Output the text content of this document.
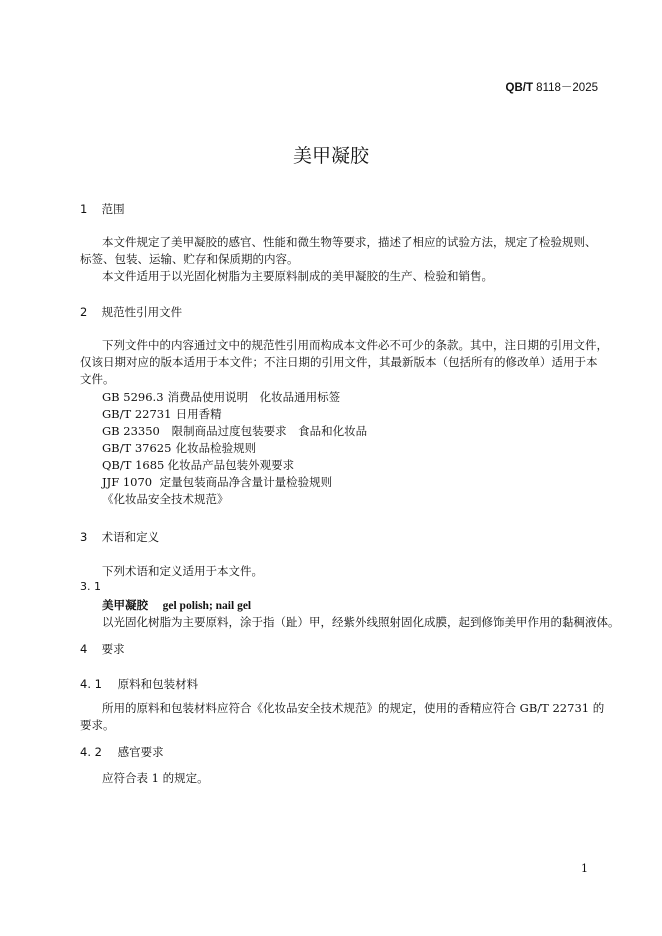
QB/T 8118－2025
美甲凝胶
1 范围
本文件规定了美甲凝胶的感官、性能和微生物等要求，描述了相应的试验方法，规定了检验规则、
标签、包装、运输、贮存和保质期的内容。
本文件适用于以光固化树脂为主要原料制成的美甲凝胶的生产、检验和销售。
2 规范性引用文件
下列文件中的内容通过文中的规范性引用而构成本文件必不可少的条款。其中，注日期的引用文件，
仅该日期对应的版本适用于本文件；不注日期的引用文件，其最新版本（包括所有的修改单）适用于本
文件。
GB 5296.3 消费品使用说明　化妆品通用标签
GB/T 22731 日用香精
GB 23350 限制商品过度包装要求　食品和化妆品
GB/T 37625 化妆品检验规则
QB/T 1685 化妆品产品包装外观要求
JJF 1070 定量包装商品净含量计量检验规则
《化妆品安全技术规范》
3 术语和定义
下列术语和定义适用于本文件。
3. 1
美甲凝胶 gel polish; nail gel
以光固化树脂为主要原料，涂于指（趾）甲，经紫外线照射固化成膜，起到修饰美甲作用的黏稠液体。
4 要求
4. 1 原料和包装材料
所用的原料和包装材料应符合《化妆品安全技术规范》的规定，使用的香精应符合 GB/T 22731 的
要求。
4. 2 感官要求
应符合表 1 的规定。
1
